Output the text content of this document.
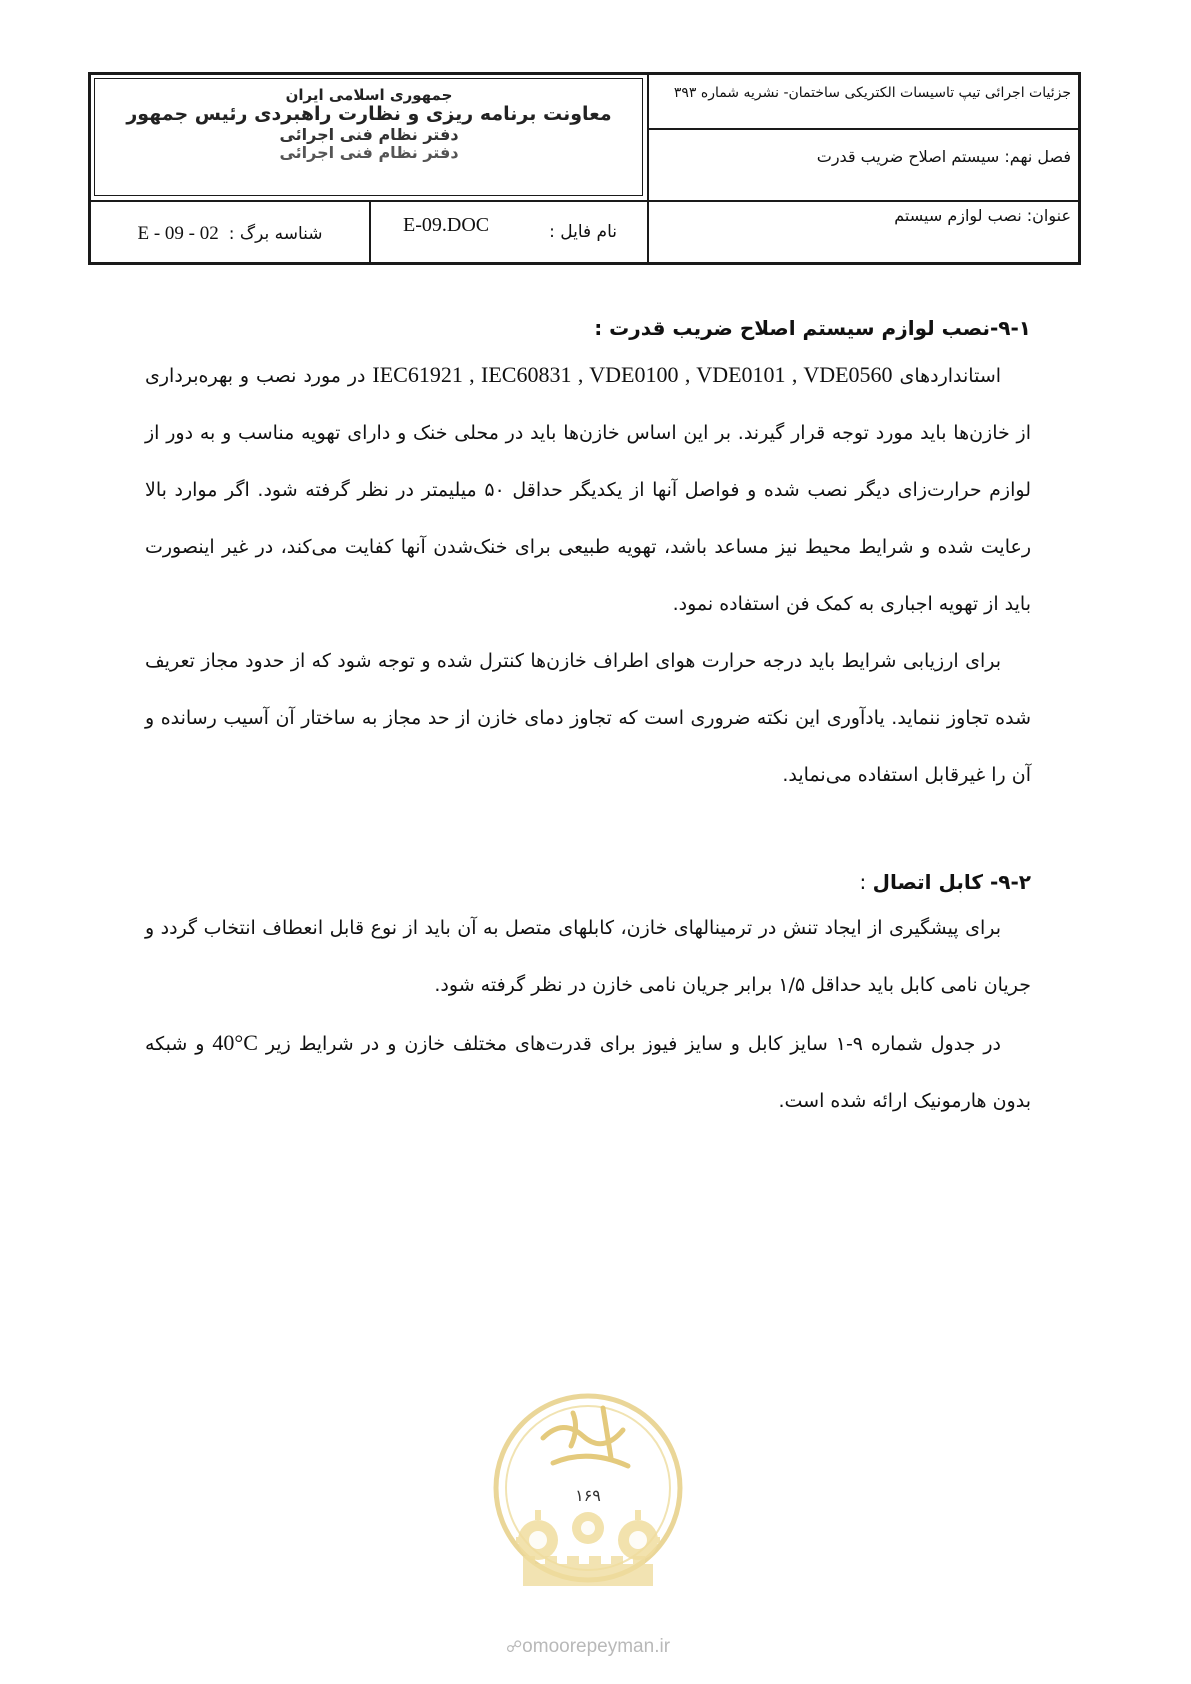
جمهوری اسلامی ایران
معاونت برنامه ریزی و نظارت راهبردی رئیس جمهور
دفتر نظام فنی اجرائی
دفتر نظام فنی اجرائی
شناسه برگ :
E - 09 - 02	نام فایل :
E-09.DOC
جزئیات اجرائی تیپ تاسیسات الکتریکی ساختمان- نشریه شماره ۳۹۳
فصل نهم: سیستم اصلاح ضریب قدرت
عنوان: نصب لوازم سیستم

۹-۱-نصب لوازم سیستم اصلاح ضریب قدرت :

استانداردهای IEC61921 , IEC60831 , VDE0100 , VDE0101 , VDE0560 در مورد نصب و بهره‌برداری از خازن‌ها باید مورد توجه قرار گیرند. بر این اساس خازن‌ها باید در محلی خنک و دارای تهویه مناسب و به دور از لوازم حرارت‌زای دیگر نصب شده و فواصل آنها از یکدیگر حداقل ۵۰ میلیمتر در نظر گرفته شود. اگر موارد بالا رعایت شده و شرایط محیط نیز مساعد باشد، تهویه طبیعی برای خنک‌شدن آنها کفایت می‌کند، در غیر اینصورت باید از تهویه اجباری به کمک فن استفاده نمود.

برای ارزیابی شرایط باید درجه حرارت هوای اطراف خازن‌ها کنترل شده و توجه شود که از حدود مجاز تعریف شده تجاوز ننماید. یادآوری این نکته ضروری است که تجاوز دمای خازن از حد مجاز به ساختار آن آسیب رسانده و آن را غیرقابل استفاده می‌نماید.

۹-۲- کابل اتصال :

برای پیشگیری از ایجاد تنش در ترمینالهای خازن، کابلهای متصل به آن باید از نوع قابل انعطاف انتخاب گردد و جریان نامی کابل باید حداقل ۱/۵ برابر جریان نامی خازن در نظر گرفته شود.

در جدول شماره ۹-۱ سایز کابل و سایز فیوز برای قدرت‌های مختلف خازن و در شرایط زیر 40°C و شبکه بدون هارمونیک ارائه شده است.

۱۶۹
☍omoorepeyman.ir
